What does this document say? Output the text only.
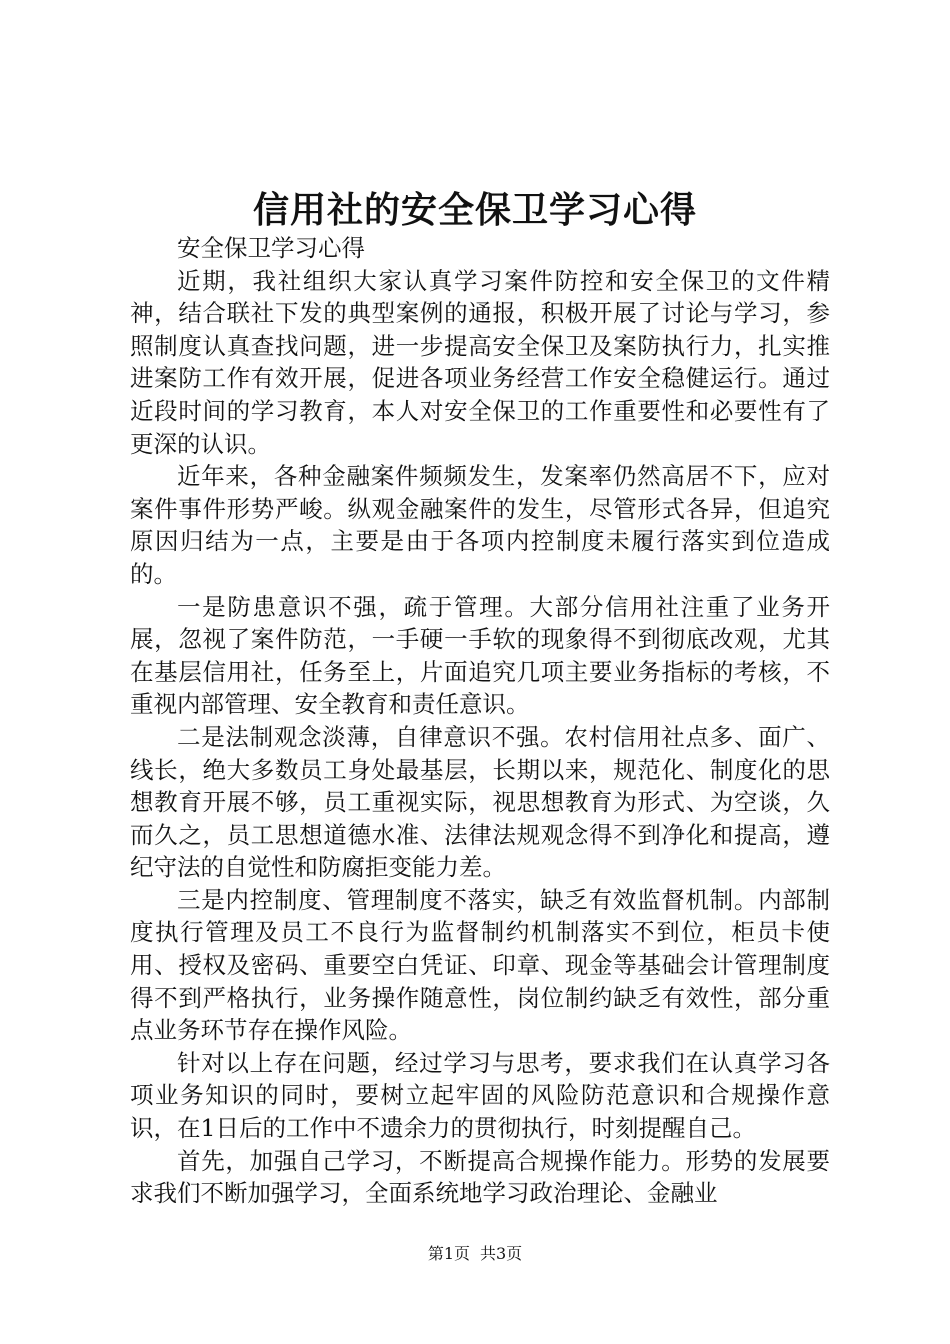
信用社的安全保卫学习心得

安全保卫学习心得

近期，我社组织大家认真学习案件防控和安全保卫的文件精神，结合联社下发的典型案例的通报，积极开展了讨论与学习，参照制度认真查找问题，进一步提高安全保卫及案防执行力，扎实推进案防工作有效开展，促进各项业务经营工作安全稳健运行。通过近段时间的学习教育，本人对安全保卫的工作重要性和必要性有了更深的认识。

近年来，各种金融案件频频发生，发案率仍然高居不下，应对案件事件形势严峻。纵观金融案件的发生，尽管形式各异，但追究原因归结为一点，主要是由于各项内控制度未履行落实到位造成的。

一是防患意识不强，疏于管理。大部分信用社注重了业务开展，忽视了案件防范，一手硬一手软的现象得不到彻底改观，尤其在基层信用社，任务至上，片面追究几项主要业务指标的考核，不重视内部管理、安全教育和责任意识。

二是法制观念淡薄，自律意识不强。农村信用社点多、面广、线长，绝大多数员工身处最基层，长期以来，规范化、制度化的思想教育开展不够，员工重视实际，视思想教育为形式、为空谈，久而久之，员工思想道德水准、法律法规观念得不到净化和提高，遵纪守法的自觉性和防腐拒变能力差。

三是内控制度、管理制度不落实，缺乏有效监督机制。内部制度执行管理及员工不良行为监督制约机制落实不到位，柜员卡使用、授权及密码、重要空白凭证、印章、现金等基础会计管理制度得不到严格执行，业务操作随意性，岗位制约缺乏有效性，部分重点业务环节存在操作风险。

针对以上存在问题，经过学习与思考，要求我们在认真学习各项业务知识的同时，要树立起牢固的风险防范意识和合规操作意识，在1日后的工作中不遗余力的贯彻执行，时刻提醒自己。

首先，加强自己学习，不断提高合规操作能力。形势的发展要求我们不断加强学习，全面系统地学习政治理论、金融业

第1页 共3页
